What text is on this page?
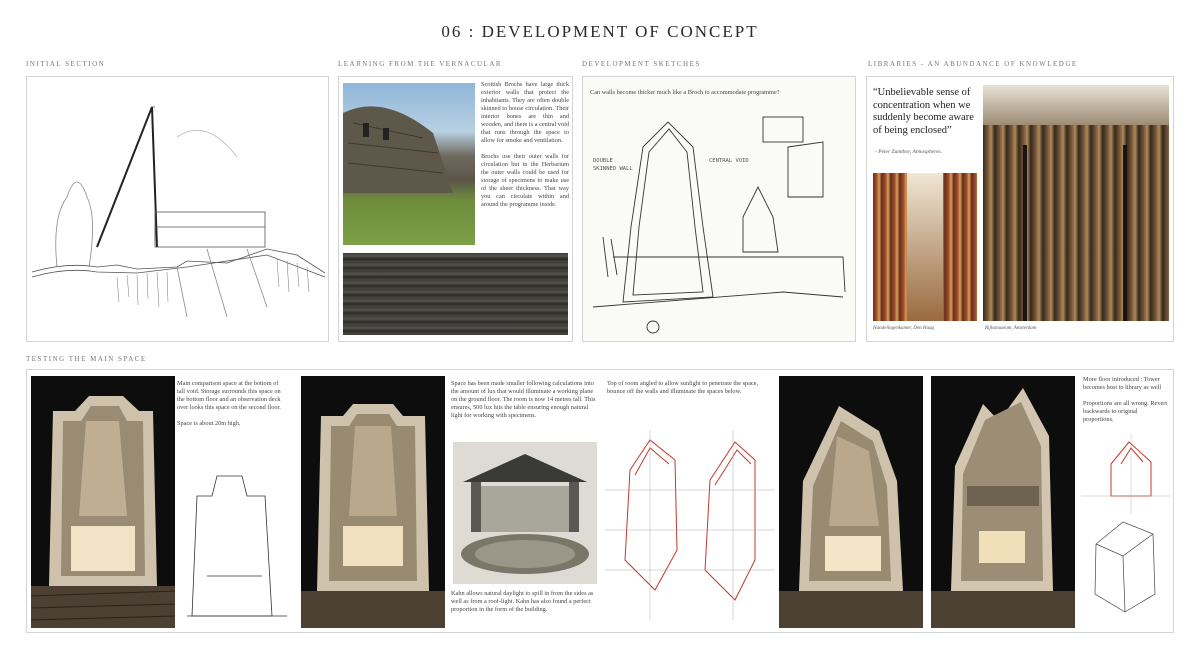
06 : DEVELOPMENT OF CONCEPT
INITIAL SECTION	LEARNING FROM THE VERNACULAR	DEVELOPMENT SKETCHES	LIBRARIES - AN ABUNDANCE OF KNOWLEDGE
TESTING THE MAIN SPACE
Scottish Brochs have large thick exterior walls that protect the inhabitants. They are often double skinned to house circulation. Their interior bones are thin and wooden, and there is a central void that runs through the space to allow for smoke and ventilation.

Brochs use their outer walls for circulation but in the Herbarium the outer walls could be used for storage of specimens to make use of the sheer thickness. That way you can circulate within and around the programme inside.
Can walls become thicker much like a Broch to accommodate programme?
DOUBLE SKINNED WALL
CENTRAL VOID
“Unbelievable sense of concentration when we suddenly become aware of being enclosed”
- Peter Zumthor, Atmospheres.
Handelingenkamer, Den Haag	Rijksmuseum, Amsterdam
Main comparison space at the bottom of tall void. Storage surrounds this space on the bottom floor and an observation deck over looks this space on the second floor.

Space is about 20m high.
Space has been made smaller following calculations into the amount of lux that would illuminate a working plane on the ground floor. The room is now 14 metres tall. This ensures, 500 lux hits the table ensuring enough natural light for working with specimens.
Kahn allows natural daylight to spill in from the sides as well as from a roof-light. Kahn has also found a perfect proportion in the form of the building.
Top of room angled to allow sunlight to penetrate the space, bounce off the walls and illuminate the spaces below.
More floor introduced : Tower becomes host to library as well

Proportions are all wrong. Revert backwards to original proportions.
